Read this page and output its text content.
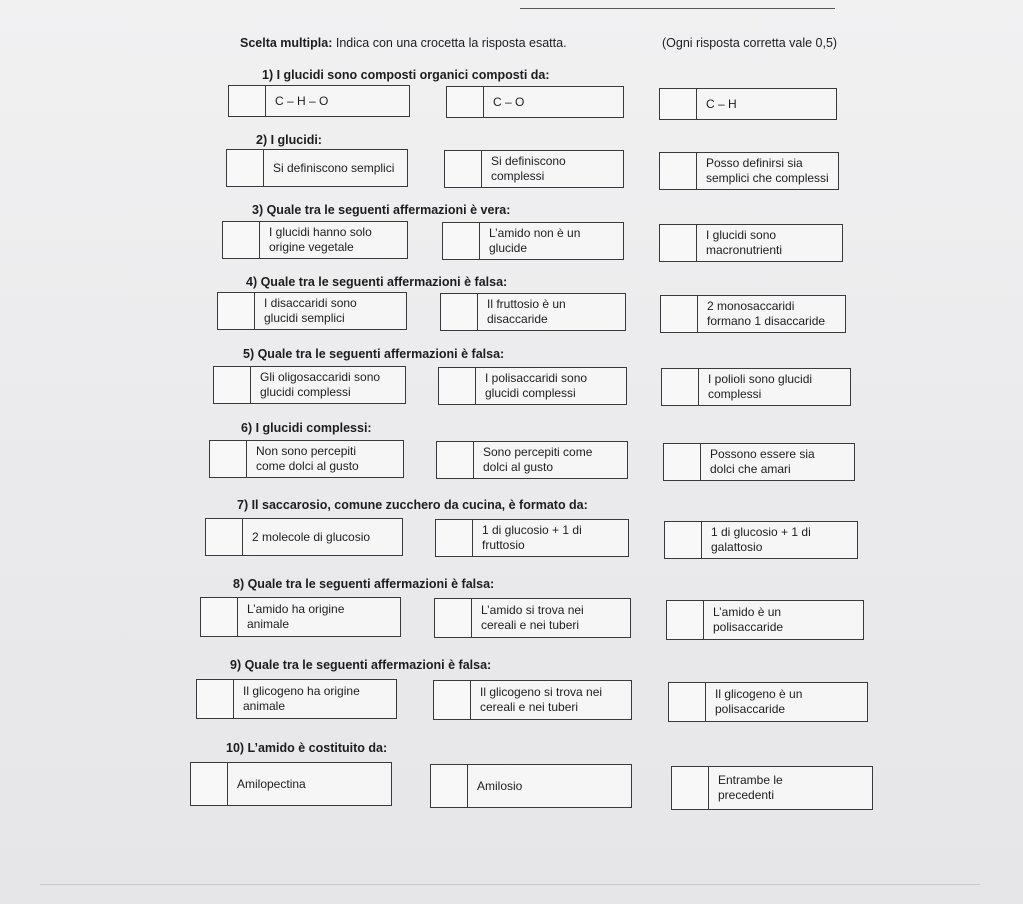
Scelta multipla: Indica con una crocetta la risposta esatta.	(Ogni risposta corretta vale 0,5)
1) I glucidi sono composti organici composti da:
C – H – O	C – O	C – H
2) I glucidi:
Si definiscono semplici	Si definiscono
complessi
Posso definirsi sia
semplici che complessi
3) Quale tra le seguenti affermazioni è vera:
I glucidi hanno solo
origine vegetale
L’amido non è un
glucide
I glucidi sono
macronutrienti
4) Quale tra le seguenti affermazioni è falsa:
I disaccaridi sono
glucidi semplici
Il fruttosio è un
disaccaride
2 monosaccaridi
formano 1 disaccaride
5) Quale tra le seguenti affermazioni è falsa:
Gli oligosaccaridi sono
glucidi complessi
I polisaccaridi sono
glucidi complessi
I polioli sono glucidi
complessi
6) I glucidi complessi:
Non sono percepiti
come dolci al gusto
Sono percepiti come
dolci al gusto
Possono essere sia
dolci che amari
7) Il saccarosio, comune zucchero da cucina, è formato da:
2 molecole di glucosio	1 di glucosio + 1 di
fruttosio
1 di glucosio + 1 di
galattosio
8) Quale tra le seguenti affermazioni è falsa:
L’amido ha origine
animale
L’amido si trova nei
cereali e nei tuberi
L’amido è un
polisaccaride
9) Quale tra le seguenti affermazioni è falsa:
Il glicogeno ha origine
animale
Il glicogeno si trova nei
cereali e nei tuberi
Il glicogeno è un
polisaccaride
10) L’amido è costituito da:
Amilopectina	Amilosio	Entrambe le
precedenti
